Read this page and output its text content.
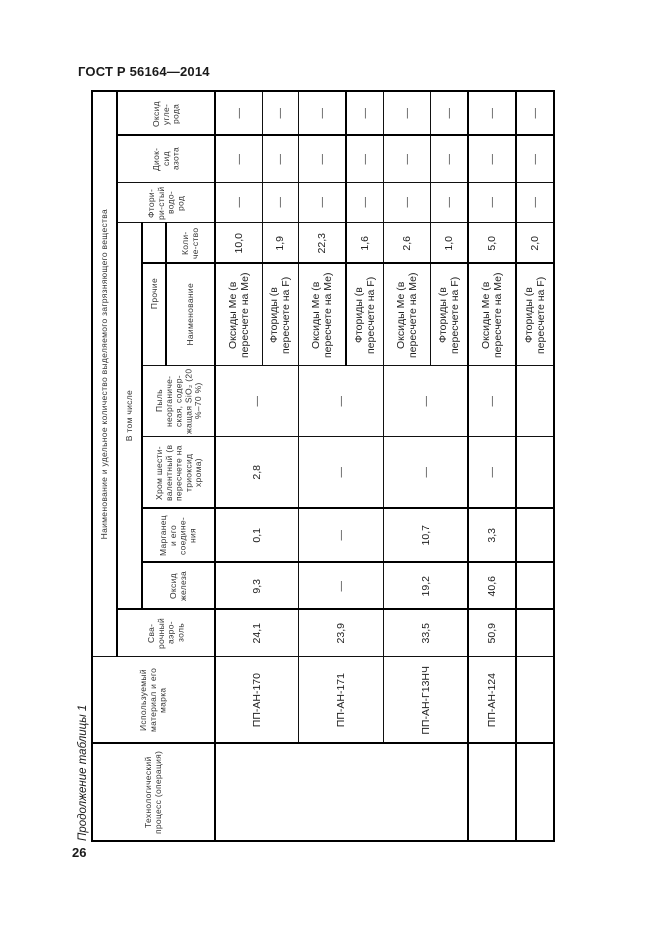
ГОСТ Р 56164—2014
Продолжение таблицы 1
26
Наименование и удельное количество выделяемого загрязняющего вещества
Используемый материал и его марка
Технологический процесс (операция)
Сва-рочный аэро-золь
В том числе
Фтори-ри-стый водо-род
Диок-сид азота
Оксид угле-рода
Прочие
Коли-че-ство
Наименование
Пыль неорганиче-ская, содер-жащая SiO₂ (20 %–70 %)
Хром шести-валентный (в пересчете на триоксид хрома)
Марганец и его соедине-ния
Оксид железа
ПП-АН-170
24,1
9,3
0,1
2,8
—
ПП-АН-171
23,9
—
—
—
—
ПП-АН-Г13НЧ
33,5
19,2
10,7
—
—
ПП-АН-124
50,9
40,6
3,3
—
—
Оксиды Ме (в пересчете на Ме)
10,0
—
—
—
Фториды (в пересчете на F)
1,9
—
—
—
Оксиды Ме (в пересчете на Ме)
22,3
—
—
—
Фториды (в пересчете на F)
1,6
—
—
—
Оксиды Ме (в пересчете на Ме)
2,6
—
—
—
Фториды (в пересчете на F)
1,0
—
—
—
Оксиды Ме (в пересчете на Ме)
5,0
—
—
—
Фториды (в пересчете на F)
2,0
—
—
—
